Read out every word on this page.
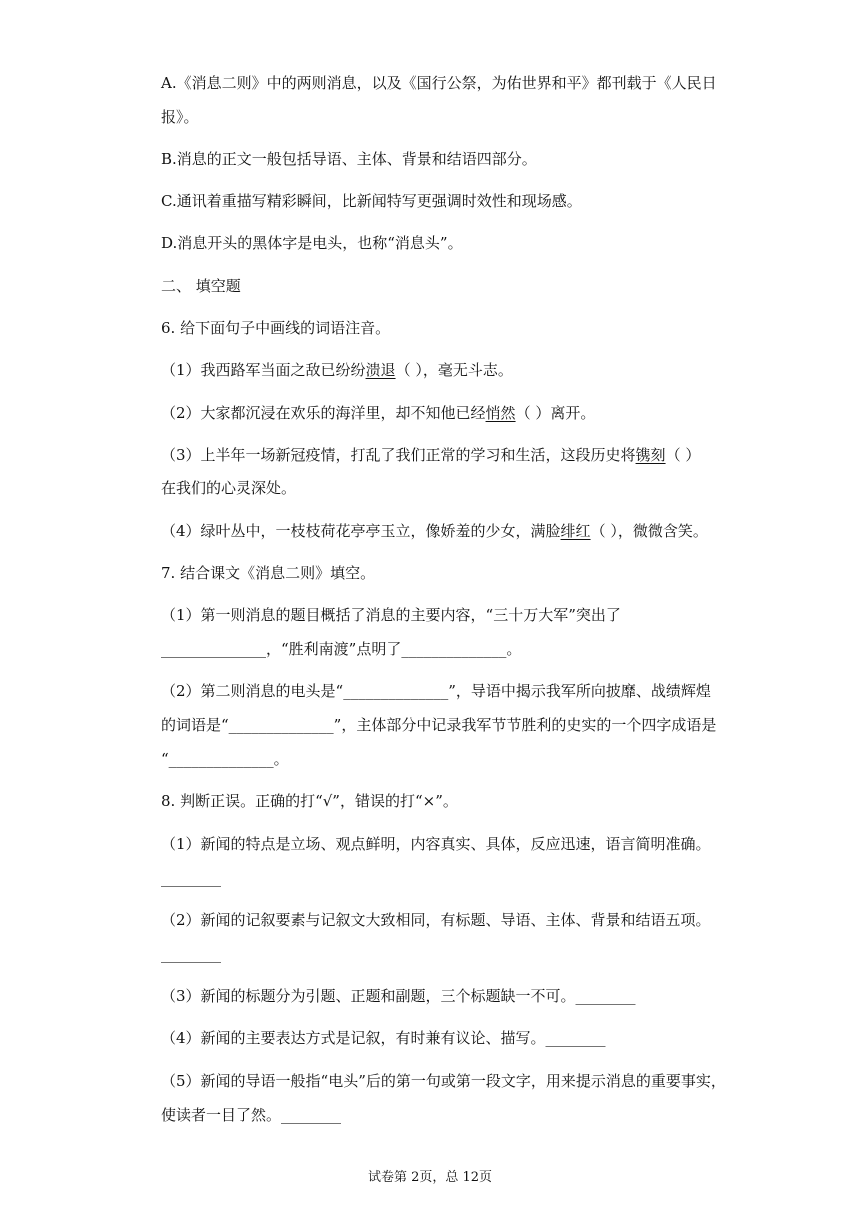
A.《消息二则》中的两则消息，以及《国行公祭，为佑世界和平》都刊载于《人民日
报》。
B.消息的正文一般包括导语、主体、背景和结语四部分。
C.通讯着重描写精彩瞬间，比新闻特写更强调时效性和现场感。
D.消息开头的黑体字是电头，也称“消息头”。
二、 填空题
6. 给下面句子中画线的词语注音。
（1）我西路军当面之敌已纷纷溃退（ ），毫无斗志。
（2）大家都沉浸在欢乐的海洋里，却不知他已经悄然（ ）离开。
（3）上半年一场新冠疫情，打乱了我们正常的学习和生活，这段历史将镌刻（ ）
在我们的心灵深处。
（4）绿叶丛中，一枝枝荷花亭亭玉立，像娇羞的少女，满脸绯红（ ），微微含笑。
7. 结合课文《消息二则》填空。
（1）第一则消息的题目概括了消息的主要内容，“三十万大军”突出了
______________，“胜利南渡”点明了______________。
（2）第二则消息的电头是“______________”，导语中揭示我军所向披靡、战绩辉煌
的词语是“______________”，主体部分中记录我军节节胜利的史实的一个四字成语是
“______________。
8. 判断正误。正确的打“√”，错误的打“×”。
（1）新闻的特点是立场、观点鲜明，内容真实、具体，反应迅速，语言简明准确。
________
（2）新闻的记叙要素与记叙文大致相同，有标题、导语、主体、背景和结语五项。
________
（3）新闻的标题分为引题、正题和副题，三个标题缺一不可。________
（4）新闻的主要表达方式是记叙，有时兼有议论、描写。________
（5）新闻的导语一般指“电头”后的第一句或第一段文字，用来提示消息的重要事实，
使读者一目了然。________
试卷第 2页，总 12页
